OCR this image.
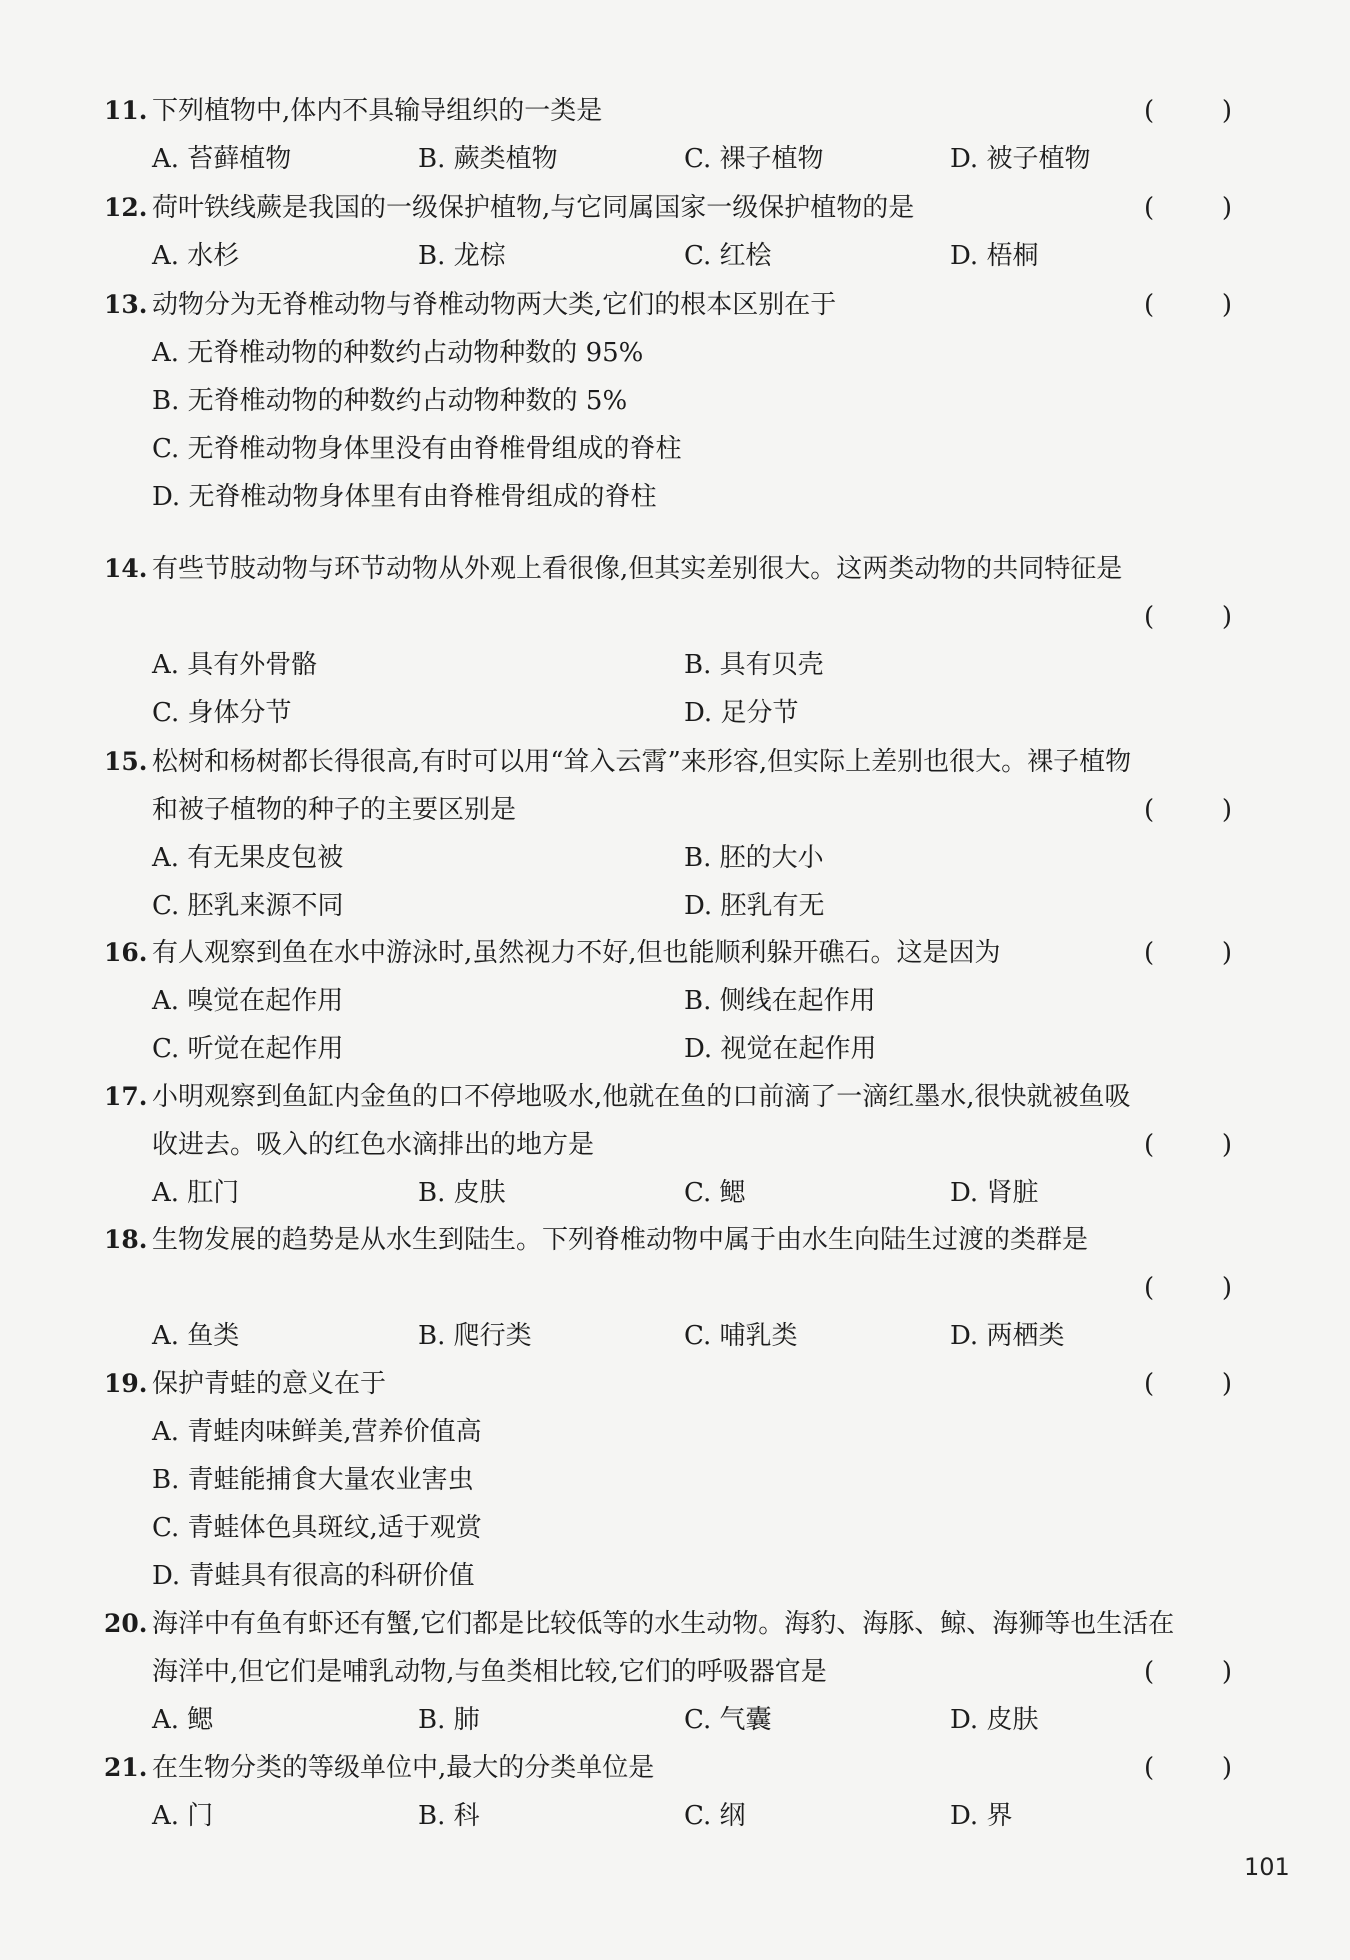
11. 下列植物中,体内不具输导组织的一类是	(	)
A. 苔藓植物	B. 蕨类植物	C. 裸子植物	D. 被子植物
12. 荷叶铁线蕨是我国的一级保护植物,与它同属国家一级保护植物的是	(	)
A. 水杉	B. 龙棕	C. 红桧	D. 梧桐
13. 动物分为无脊椎动物与脊椎动物两大类,它们的根本区别在于	(	)
A. 无脊椎动物的种数约占动物种数的 95%
B. 无脊椎动物的种数约占动物种数的 5%
C. 无脊椎动物身体里没有由脊椎骨组成的脊柱
D. 无脊椎动物身体里有由脊椎骨组成的脊柱
14. 有些节肢动物与环节动物从外观上看很像,但其实差别很大。这两类动物的共同特征是
(	)
A. 具有外骨骼	B. 具有贝壳
C. 身体分节	D. 足分节
15. 松树和杨树都长得很高,有时可以用“耸入云霄”来形容,但实际上差别也很大。裸子植物
和被子植物的种子的主要区别是	(	)
A. 有无果皮包被	B. 胚的大小
C. 胚乳来源不同	D. 胚乳有无
16. 有人观察到鱼在水中游泳时,虽然视力不好,但也能顺利躲开礁石。这是因为	(	)
A. 嗅觉在起作用	B. 侧线在起作用
C. 听觉在起作用	D. 视觉在起作用
17. 小明观察到鱼缸内金鱼的口不停地吸水,他就在鱼的口前滴了一滴红墨水,很快就被鱼吸
收进去。吸入的红色水滴排出的地方是	(	)
A. 肛门	B. 皮肤	C. 鳃	D. 肾脏
18. 生物发展的趋势是从水生到陆生。下列脊椎动物中属于由水生向陆生过渡的类群是
(	)
A. 鱼类	B. 爬行类	C. 哺乳类	D. 两栖类
19. 保护青蛙的意义在于	(	)
A. 青蛙肉味鲜美,营养价值高
B. 青蛙能捕食大量农业害虫
C. 青蛙体色具斑纹,适于观赏
D. 青蛙具有很高的科研价值
20. 海洋中有鱼有虾还有蟹,它们都是比较低等的水生动物。海豹、海豚、鲸、海狮等也生活在
海洋中,但它们是哺乳动物,与鱼类相比较,它们的呼吸器官是	(	)
A. 鳃	B. 肺	C. 气囊	D. 皮肤
21. 在生物分类的等级单位中,最大的分类单位是	(	)
A. 门	B. 科	C. 纲	D. 界
101
